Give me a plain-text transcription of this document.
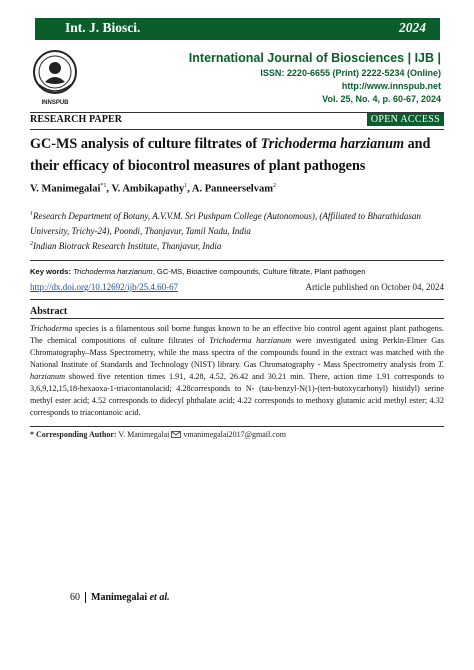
Int. J. Biosci.	2024
INNSPUB
International Journal of Biosciences | IJB |
ISSN: 2220-6655 (Print) 2222-5234 (Online)
http://www.innspub.net
Vol. 25, No. 4, p. 60-67, 2024
RESEARCH PAPER	OPEN ACCESS
GC-MS analysis of culture filtrates of Trichoderma harzianum and their efficacy of biocontrol measures of plant pathogens
V. Manimegalai$^{*1}$, V. Ambikapathy$^1$, A. Panneerselvam$^2$
$^1$Research Department of Botany, A.V.V.M. Sri Pushpam College (Autonomous), (Affiliated to Bharathidasan University, Trichy-24), Poondi, Thanjavur, Tamil Nadu, India
$^2$Indian Biotrack Research Institute, Thanjavur, India
Key words: Trichoderma harzianum, GC-MS, Bioactive compounds, Culture filtrate, Plant pathogen
http://dx.doi.org/10.12692/ijb/25.4.60-67	Article published on October 04, 2024
Abstract
Trichoderma species is a filamentous soil borne fungus known to be an effective bio control agent against plant pathogens. The chemical compositions of culture filtrates of Trichoderma harzianum were investigated using Perkin-Elmer Gas Chromatography–Mass Spectrometry, while the mass spectra of the compounds found in the extract was matched with the National Institute of Standards and Technology (NIST) library. Gas Chromatography - Mass Spectrometry analysis from T. harzianum showed five retention times 1.91, 4.28, 4.52, 26.42 and 30.21 min. There, action time 1.91 corresponds to 3,6,9,12,15,18-hexaoxa-1-triacontanolacid; 4.28corresponds to N- (tau-benzyl-N(1)-(tert-butoxycarbonyl) histidyl) serine methyl ester acid; 4.52 corresponds to didecyl phthalate acid; 4.22 corresponds to methoxy glutamic acid methyl ester; 4.32 corresponds to triacontanoic acid.
* Corresponding Author: V. Manimegalai  vmanimegalai2017@gmail.com
60 Manimegalai et al.
